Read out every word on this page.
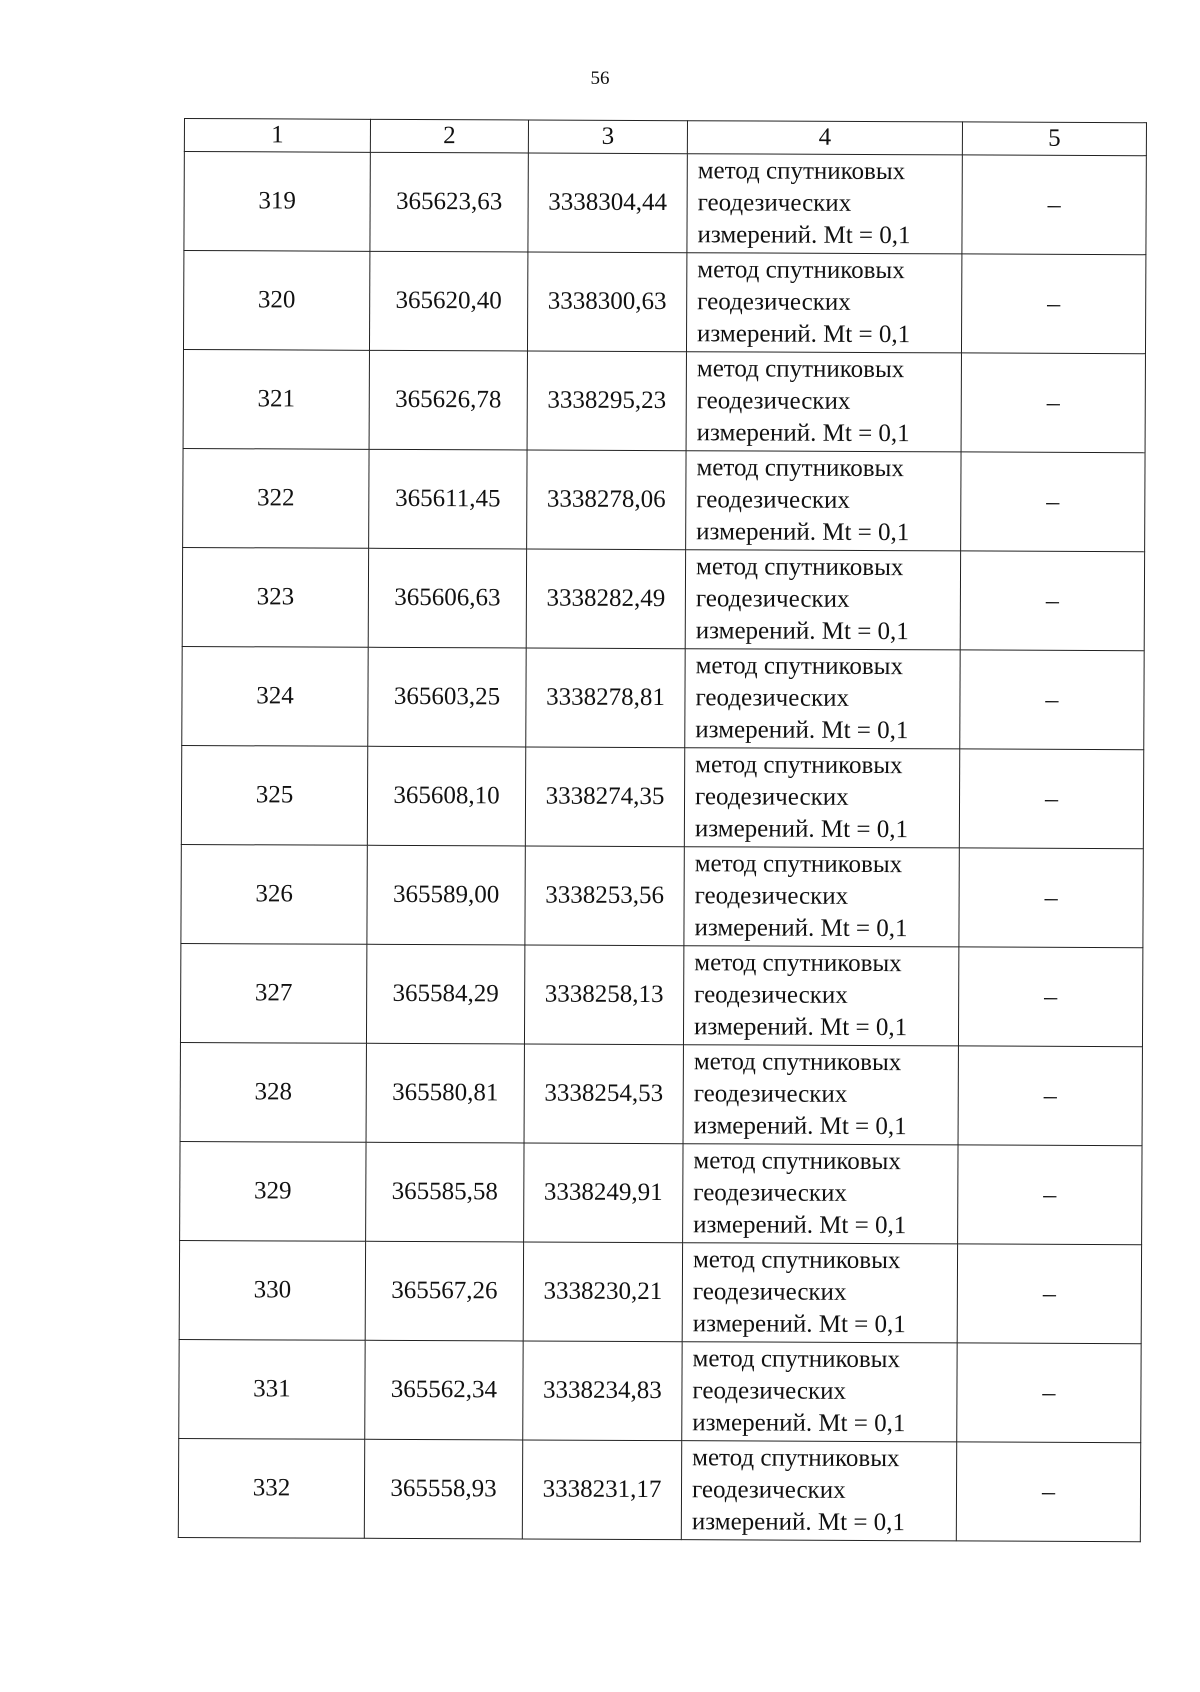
56
1	2	3	4	5
319	365623,63	3338304,44	метод спутниковых
геодезических
измерений. Mt = 0,1	–
320	365620,40	3338300,63	метод спутниковых
геодезических
измерений. Mt = 0,1	–
321	365626,78	3338295,23	метод спутниковых
геодезических
измерений. Mt = 0,1	–
322	365611,45	3338278,06	метод спутниковых
геодезических
измерений. Mt = 0,1	–
323	365606,63	3338282,49	метод спутниковых
геодезических
измерений. Mt = 0,1	–
324	365603,25	3338278,81	метод спутниковых
геодезических
измерений. Mt = 0,1	–
325	365608,10	3338274,35	метод спутниковых
геодезических
измерений. Mt = 0,1	–
326	365589,00	3338253,56	метод спутниковых
геодезических
измерений. Mt = 0,1	–
327	365584,29	3338258,13	метод спутниковых
геодезических
измерений. Mt = 0,1	–
328	365580,81	3338254,53	метод спутниковых
геодезических
измерений. Mt = 0,1	–
329	365585,58	3338249,91	метод спутниковых
геодезических
измерений. Mt = 0,1	–
330	365567,26	3338230,21	метод спутниковых
геодезических
измерений. Mt = 0,1	–
331	365562,34	3338234,83	метод спутниковых
геодезических
измерений. Mt = 0,1	–
332	365558,93	3338231,17	метод спутниковых
геодезических
измерений. Mt = 0,1	–
